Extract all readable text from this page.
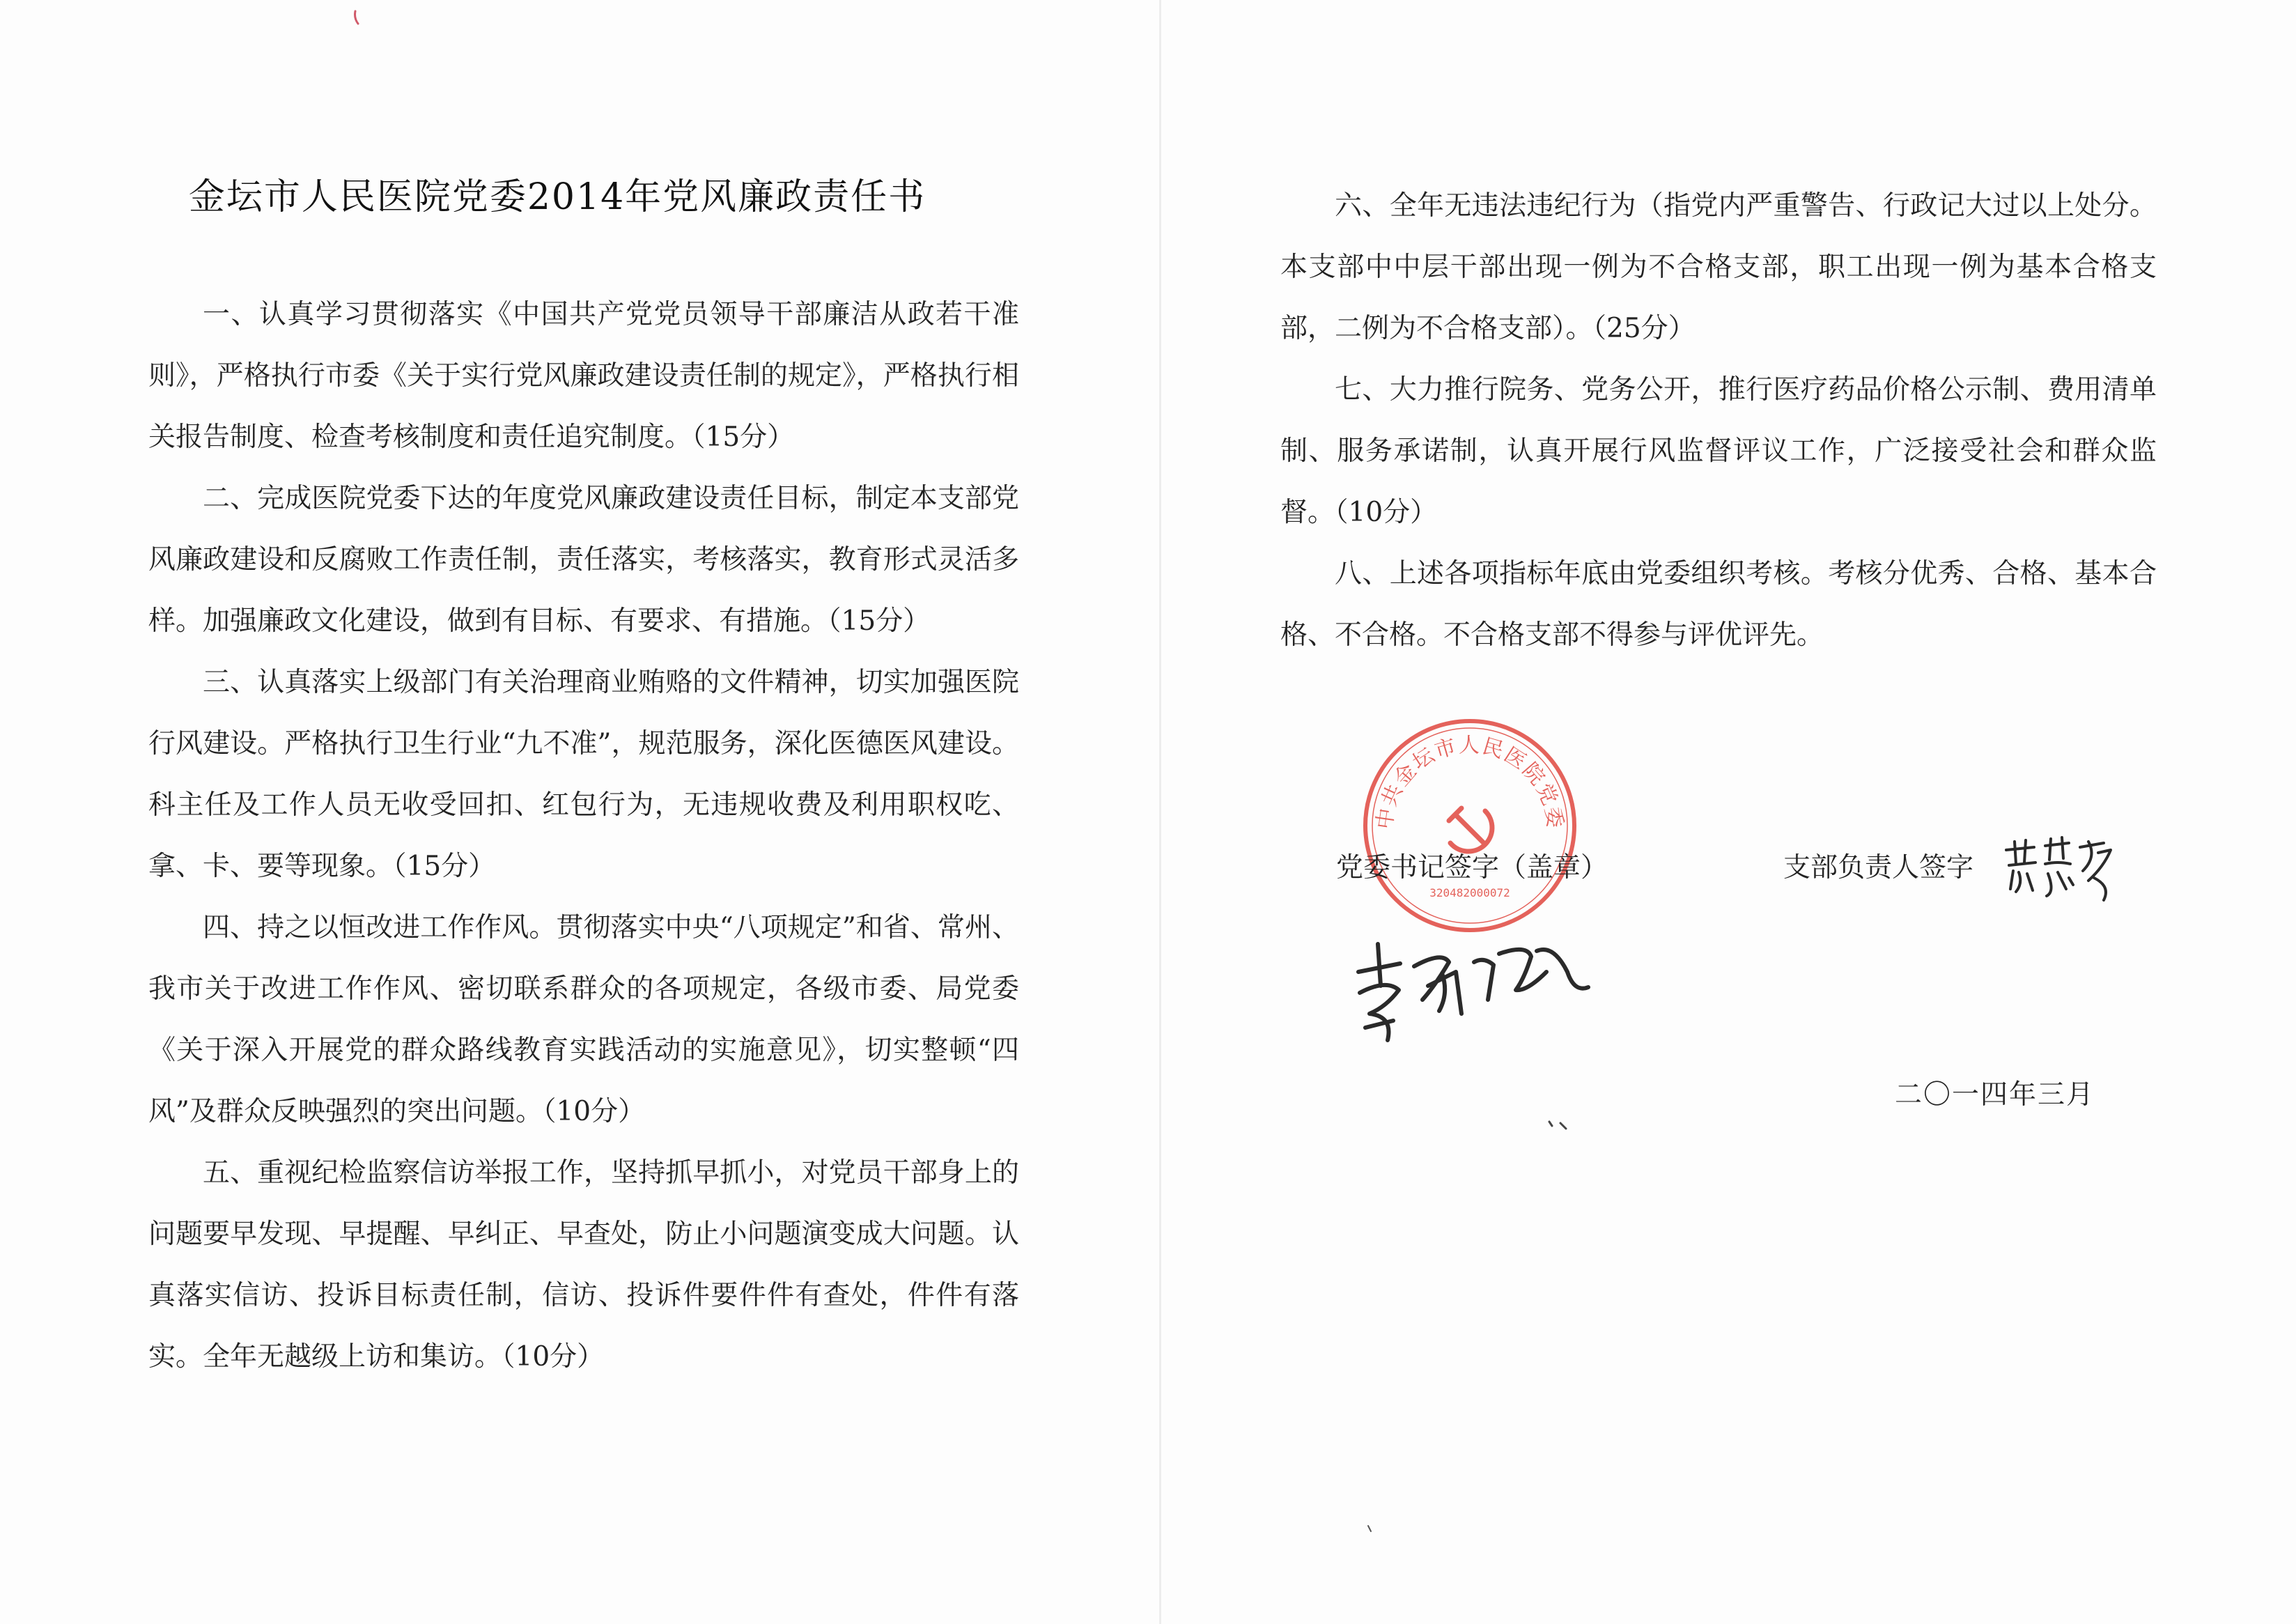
金坛市人民医院党委2014年党风廉政责任书

一、认真学习贯彻落实《中国共产党党员领导干部廉洁从政若干准则》，严格执行市委《关于实行党风廉政建设责任制的规定》，严格执行相关报告制度、检查考核制度和责任追究制度。（15分）

二、完成医院党委下达的年度党风廉政建设责任目标，制定本支部党风廉政建设和反腐败工作责任制，责任落实，考核落实，教育形式灵活多样。加强廉政文化建设，做到有目标、有要求、有措施。（15分）

三、认真落实上级部门有关治理商业贿赂的文件精神，切实加强医院行风建设。严格执行卫生行业“九不准”，规范服务，深化医德医风建设。科主任及工作人员无收受回扣、红包行为，无违规收费及利用职权吃、拿、卡、要等现象。（15分）

四、持之以恒改进工作作风。贯彻落实中央“八项规定”和省、常州、我市关于改进工作作风、密切联系群众的各项规定，各级市委、局党委《关于深入开展党的群众路线教育实践活动的实施意见》，切实整顿“四风”及群众反映强烈的突出问题。（10分）

五、重视纪检监察信访举报工作，坚持抓早抓小，对党员干部身上的问题要早发现、早提醒、早纠正、早查处，防止小问题演变成大问题。认真落实信访、投诉目标责任制，信访、投诉件要件件有查处，件件有落实。全年无越级上访和集访。（10分）

六、全年无违法违纪行为（指党内严重警告、行政记大过以上处分。本支部中中层干部出现一例为不合格支部，职工出现一例为基本合格支部，二例为不合格支部）。（25分）

七、大力推行院务、党务公开，推行医疗药品价格公示制、费用清单制、服务承诺制，认真开展行风监督评议工作，广泛接受社会和群众监督。（10分）

八、上述各项指标年底由党委组织考核。考核分优秀、合格、基本合格、不合格。不合格支部不得参与评优评先。

中共金坛市人民医院党委
320482000072
党委书记签字（盖章）	支部负责人签字
二〇一四年三月
